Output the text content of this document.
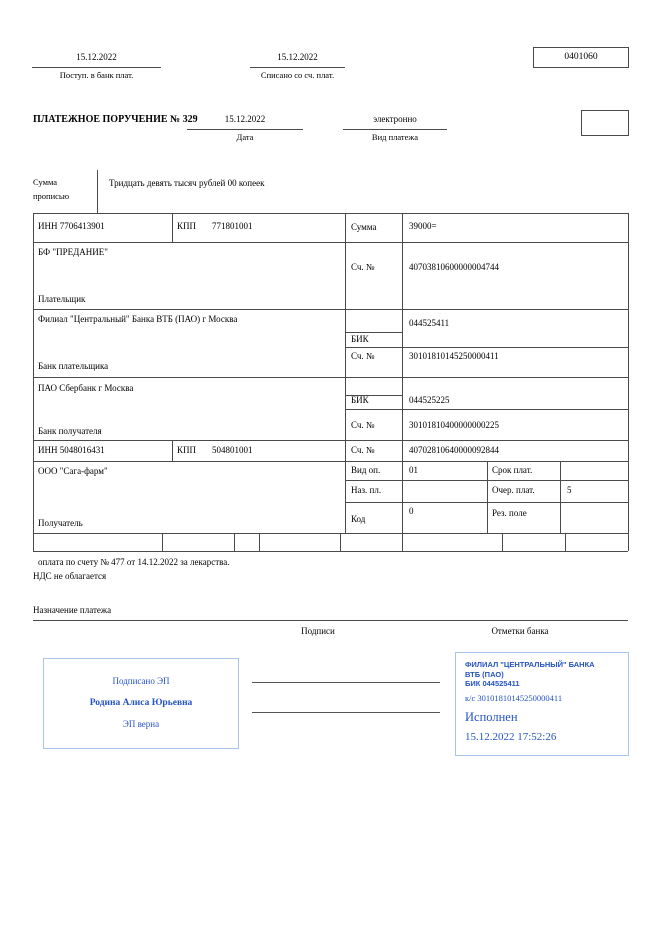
15.12.2022
Поступ. в банк плат.
15.12.2022
Списано со сч. плат.
0401060
ПЛАТЕЖНОЕ ПОРУЧЕНИЕ № 329	15.12.2022
Дата
электронно
Вид платежа
Сумма
прописью
Тридцать девять тысяч рублей 00 копеек
ИНН 7706413901	КПП 771801001	Сумма	39000=
БФ "ПРЕДАНИЕ"
Сч. №	40703810600000004744
Плательщик
Филиал "Центральный" Банка ВТБ (ПАО) г Москва	044525411
БИК
Сч. №	30101810145250000411
Банк плательщика
ПАО Сбербанк г Москва
БИК	044525225
Сч. №	30101810400000000225
Банк получателя
ИНН 5048016431	КПП 504801001	Сч. №	40702810640000092844
ООО "Сага-фарм"	Вид оп.	01	Срок плат.
Наз. пл.	Очер. плат.	5
Код
0	Рез. поле
Получатель
оплата по счету № 477 от 14.12.2022 за лекарства.
НДС не облагается
Назначение платежа
Подписи	Отметки банка
Подписано ЭП
Родина Алиса Юрьевна
ЭП верна
ФИЛИАЛ "ЦЕНТРАЛЬНЫЙ" БАНКА
ВТБ (ПАО)
БИК 044525411
к/с 30101810145250000411
Исполнен
15.12.2022 17:52:26
